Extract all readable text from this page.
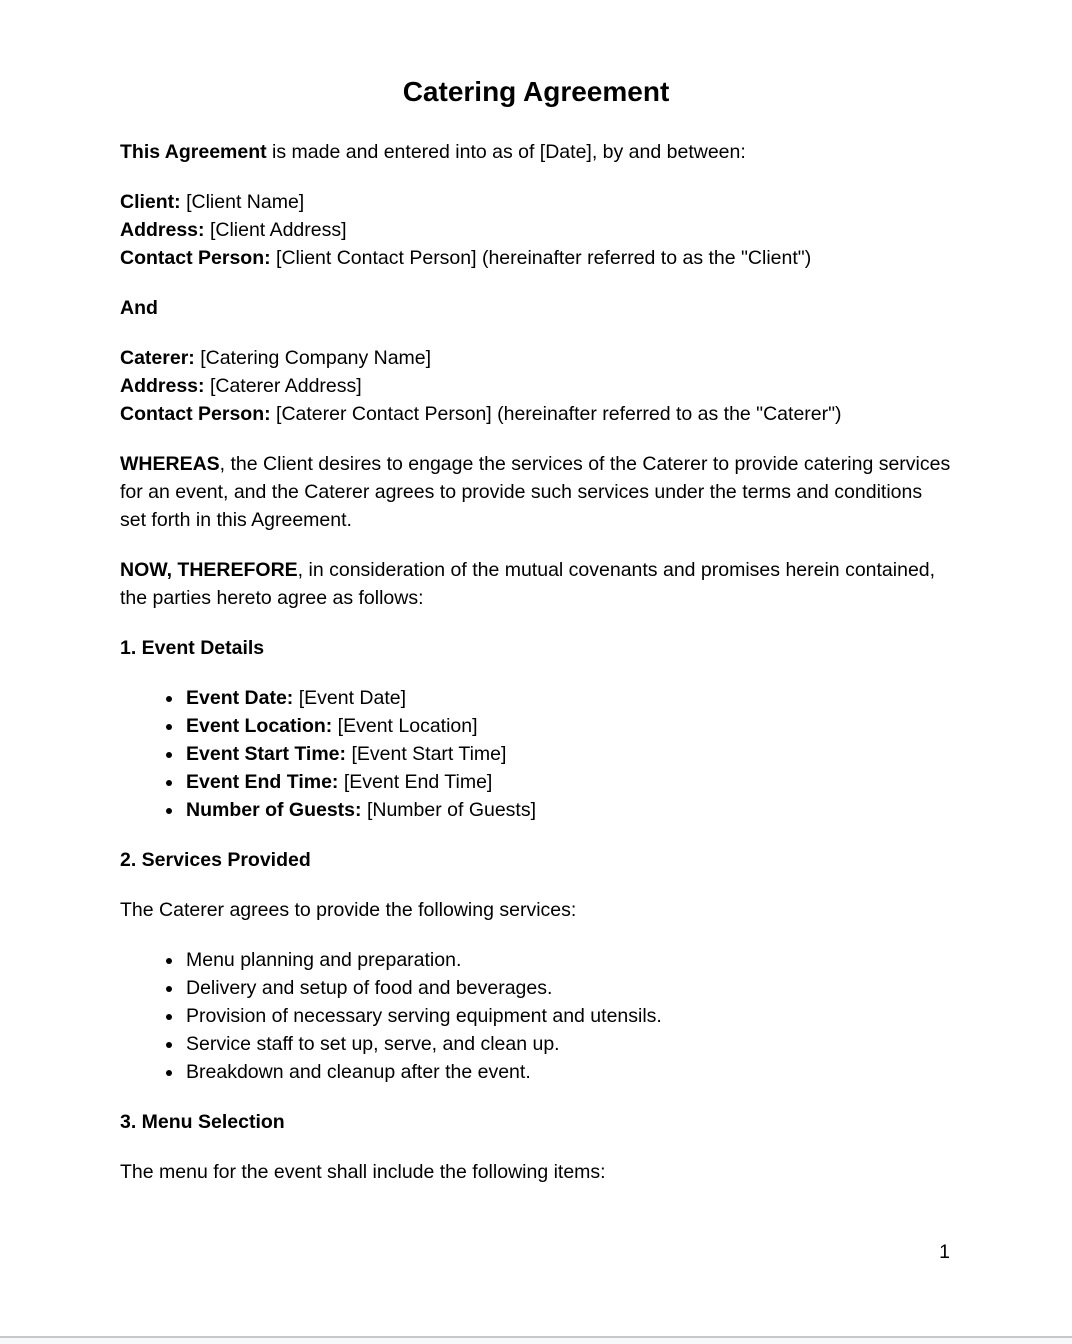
Catering Agreement

This Agreement is made and entered into as of [Date], by and between:

Client: [Client Name]
Address: [Client Address]
Contact Person: [Client Contact Person] (hereinafter referred to as the "Client")

And

Caterer: [Catering Company Name]
Address: [Caterer Address]
Contact Person: [Caterer Contact Person] (hereinafter referred to as the "Caterer")

WHEREAS, the Client desires to engage the services of the Caterer to provide catering services for an event, and the Caterer agrees to provide such services under the terms and conditions set forth in this Agreement.

NOW, THEREFORE, in consideration of the mutual covenants and promises herein contained, the parties hereto agree as follows:

1. Event Details
• Event Date: [Event Date]
• Event Location: [Event Location]
• Event Start Time: [Event Start Time]
• Event End Time: [Event End Time]
• Number of Guests: [Number of Guests]
2. Services Provided

The Caterer agrees to provide the following services:

• Menu planning and preparation.
• Delivery and setup of food and beverages.
• Provision of necessary serving equipment and utensils.
• Service staff to set up, serve, and clean up.
• Breakdown and cleanup after the event.
3. Menu Selection

The menu for the event shall include the following items:

1
